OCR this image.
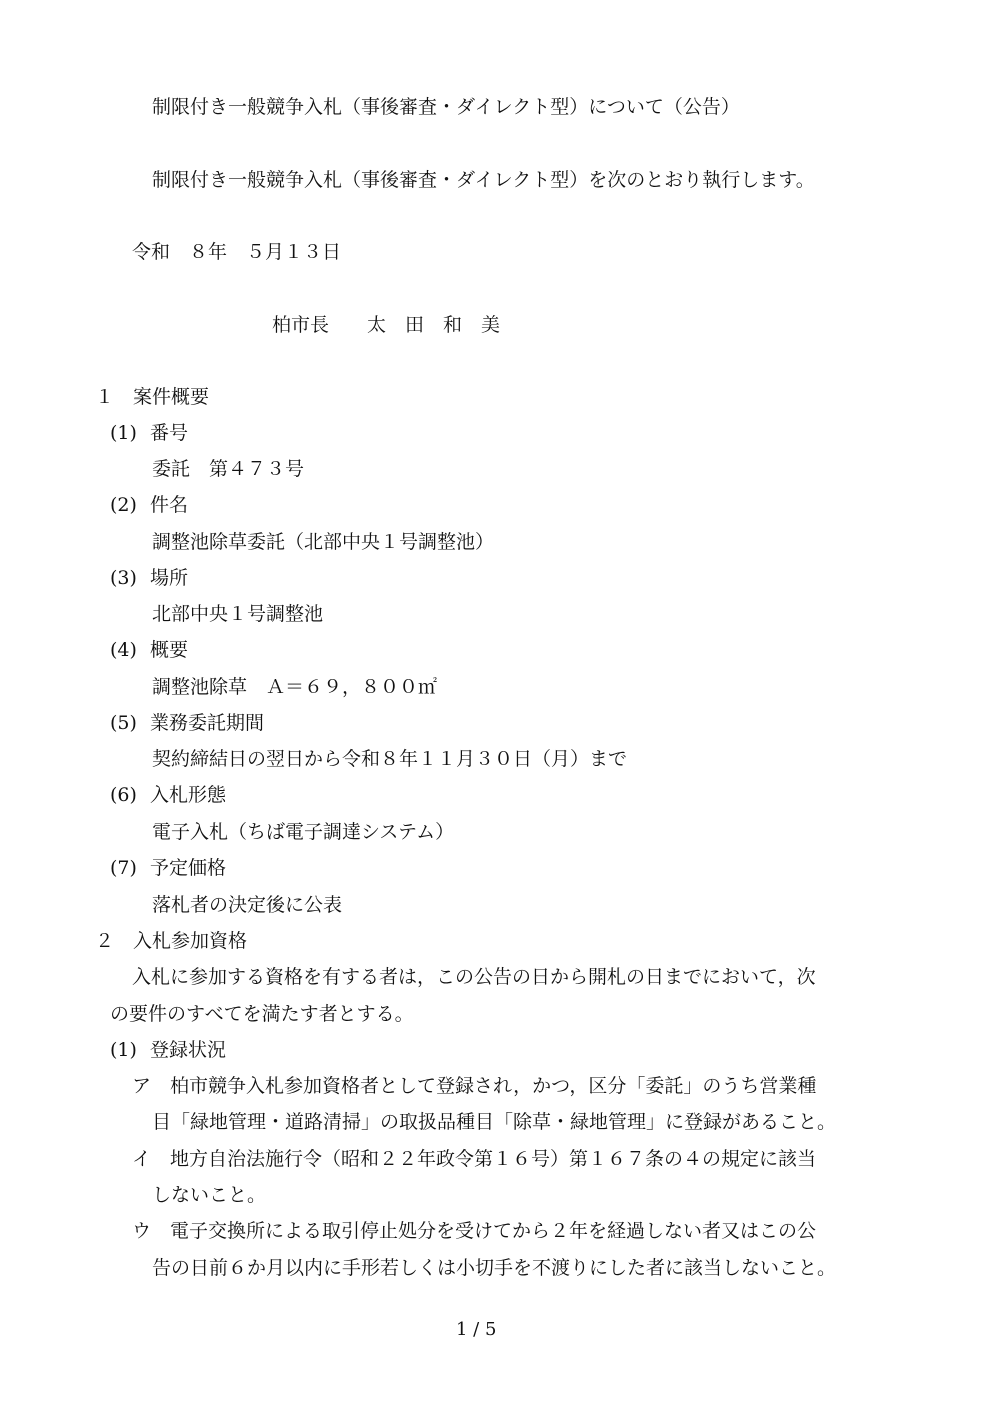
制限付き一般競争入札（事後審査・ダイレクト型）について（公告）
制限付き一般競争入札（事後審査・ダイレクト型）を次のとおり執行します。
令和　８年　５月１３日
柏市長　　太　田　和　美
１　案件概要
(1) 番号
委託　第４７３号
(2) 件名
調整池除草委託（北部中央１号調整池）
(3) 場所
北部中央１号調整池
(4) 概要
調整池除草　Ａ＝６９，８００㎡
(5) 業務委託期間
契約締結日の翌日から令和８年１１月３０日（月）まで
(6) 入札形態
電子入札（ちば電子調達システム）
(7) 予定価格
落札者の決定後に公表
２　入札参加資格
入札に参加する資格を有する者は，この公告の日から開札の日までにおいて，次
の要件のすべてを満たす者とする。
(1) 登録状況
ア　柏市競争入札参加資格者として登録され，かつ，区分「委託」のうち営業種
目「緑地管理・道路清掃」の取扱品種目「除草・緑地管理」に登録があること。
イ　地方自治法施行令（昭和２２年政令第１６号）第１６７条の４の規定に該当
しないこと。
ウ　電子交換所による取引停止処分を受けてから２年を経過しない者又はこの公
告の日前６か月以内に手形若しくは小切手を不渡りにした者に該当しないこと。
1 / 5
